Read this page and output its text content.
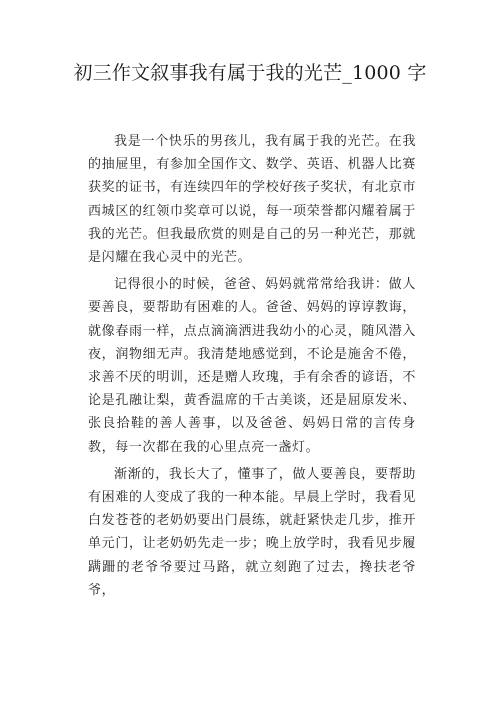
初三作文叙事我有属于我的光芒_1000 字

我是一个快乐的男孩儿，我有属于我的光芒。在我的抽屉里，有参加全国作文、数学、英语、机器人比赛获奖的证书，有连续四年的学校好孩子奖状，有北京市西城区的红领巾奖章可以说，每一项荣誉都闪耀着属于我的光芒。但我最欣赏的则是自己的另一种光芒，那就是闪耀在我心灵中的光芒。

记得很小的时候，爸爸、妈妈就常常给我讲：做人要善良，要帮助有困难的人。爸爸、妈妈的谆谆教诲，就像春雨一样，点点滴滴洒进我幼小的心灵，随风潜入夜，润物细无声。我清楚地感觉到，不论是施舍不倦，求善不厌的明训，还是赠人玫瑰，手有余香的谚语，不论是孔融让梨，黄香温席的千古美谈，还是屈原发米、张良拾鞋的善人善事，以及爸爸、妈妈日常的言传身教，每一次都在我的心里点亮一盏灯。

渐渐的，我长大了，懂事了，做人要善良，要帮助有困难的人变成了我的一种本能。早晨上学时，我看见白发苍苍的老奶奶要出门晨练，就赶紧快走几步，推开单元门，让老奶奶先走一步；晚上放学时，我看见步履蹒跚的老爷爷要过马路，就立刻跑了过去，搀扶老爷爷，
